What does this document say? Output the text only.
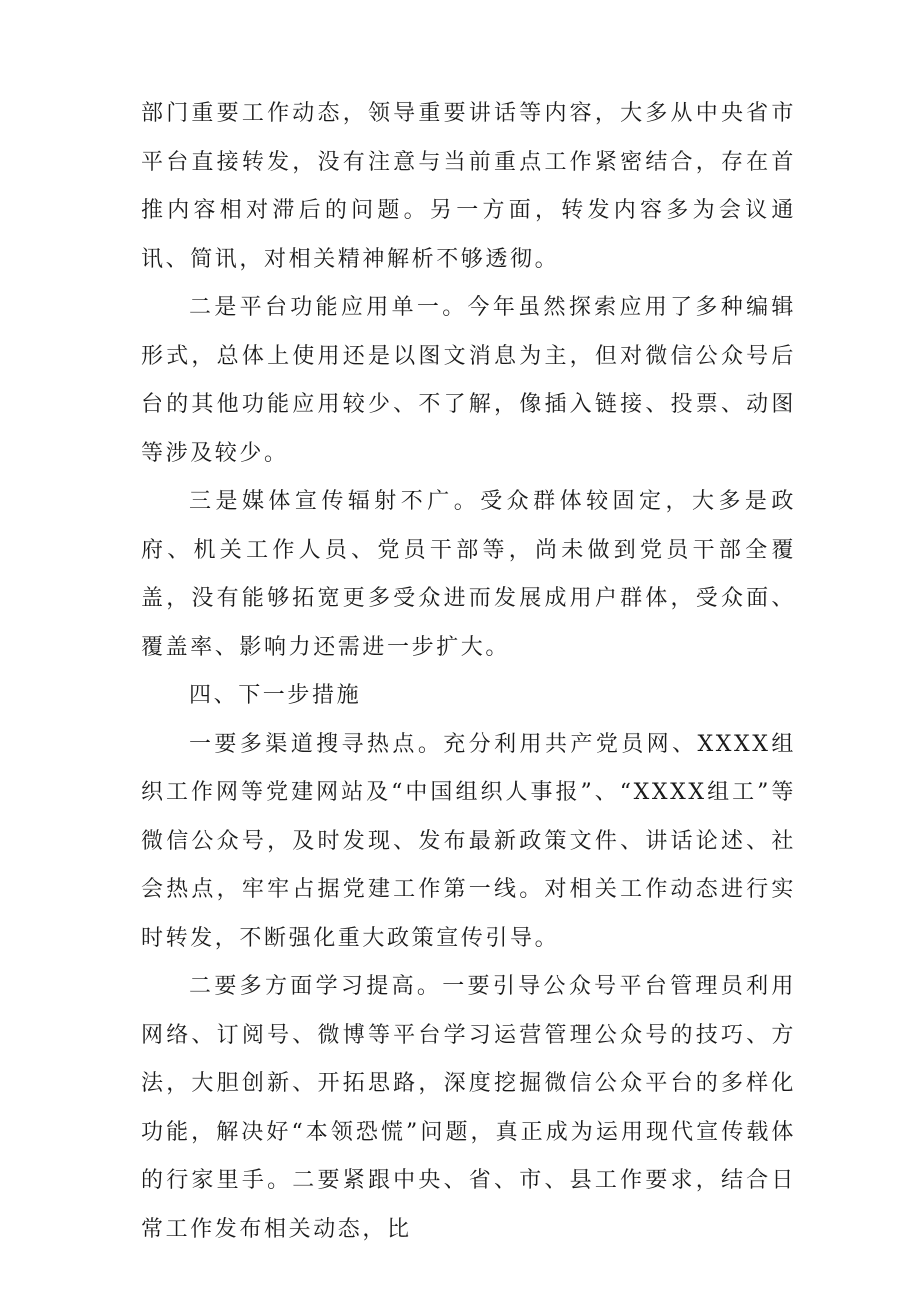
部门重要工作动态，领导重要讲话等内容，大多从中央省市平台直接转发，没有注意与当前重点工作紧密结合，存在首推内容相对滞后的问题。另一方面，转发内容多为会议通讯、简讯，对相关精神解析不够透彻。

二是平台功能应用单一。今年虽然探索应用了多种编辑形式，总体上使用还是以图文消息为主，但对微信公众号后台的其他功能应用较少、不了解，像插入链接、投票、动图等涉及较少。

三是媒体宣传辐射不广。受众群体较固定，大多是政府、机关工作人员、党员干部等，尚未做到党员干部全覆盖，没有能够拓宽更多受众进而发展成用户群体，受众面、覆盖率、影响力还需进一步扩大。

四、下一步措施

一要多渠道搜寻热点。充分利用共产党员网、XXXX组织工作网等党建网站及“中国组织人事报”、“XXXX组工”等微信公众号，及时发现、发布最新政策文件、讲话论述、社会热点，牢牢占据党建工作第一线。对相关工作动态进行实时转发，不断强化重大政策宣传引导。

二要多方面学习提高。一要引导公众号平台管理员利用网络、订阅号、微博等平台学习运营管理公众号的技巧、方法，大胆创新、开拓思路，深度挖掘微信公众平台的多样化功能，解决好“本领恐慌”问题，真正成为运用现代宣传载体的行家里手。二要紧跟中央、省、市、县工作要求，结合日常工作发布相关动态，比
